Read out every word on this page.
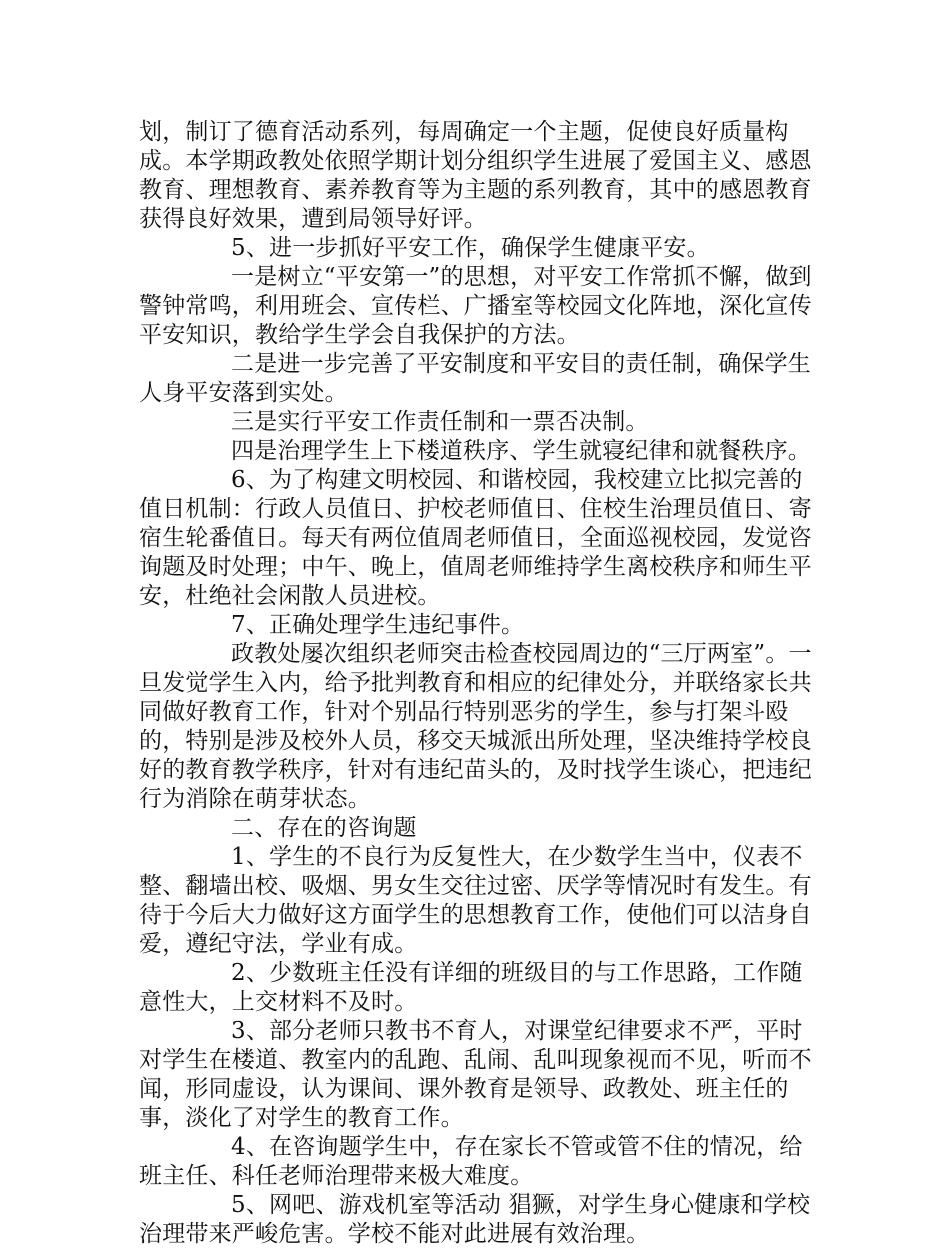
划，制订了德育活动系列，每周确定一个主题，促使良好质量构成。本学期政教处依照学期计划分组织学生进展了爱国主义、感恩教育、理想教育、素养教育等为主题的系列教育，其中的感恩教育获得良好效果，遭到局领导好评。

5、进一步抓好平安工作，确保学生健康平安。

一是树立“平安第一”的思想，对平安工作常抓不懈，做到警钟常鸣，利用班会、宣传栏、广播室等校园文化阵地，深化宣传平安知识，教给学生学会自我保护的方法。

二是进一步完善了平安制度和平安目的责任制，确保学生人身平安落到实处。

三是实行平安工作责任制和一票否决制。

四是治理学生上下楼道秩序、学生就寝纪律和就餐秩序。

6、为了构建文明校园、和谐校园，我校建立比拟完善的值日机制：行政人员值日、护校老师值日、住校生治理员值日、寄宿生轮番值日。每天有两位值周老师值日，全面巡视校园，发觉咨询题及时处理；中午、晚上，值周老师维持学生离校秩序和师生平安，杜绝社会闲散人员进校。

7、正确处理学生违纪事件。

政教处屡次组织老师突击检查校园周边的“三厅两室”。一旦发觉学生入内，给予批判教育和相应的纪律处分，并联络家长共同做好教育工作，针对个别品行特别恶劣的学生，参与打架斗殴的，特别是涉及校外人员，移交天城派出所处理，坚决维持学校良好的教育教学秩序，针对有违纪苗头的，及时找学生谈心，把违纪行为消除在萌芽状态。

二、存在的咨询题

1、学生的不良行为反复性大，在少数学生当中，仪表不整、翻墙出校、吸烟、男女生交往过密、厌学等情况时有发生。有待于今后大力做好这方面学生的思想教育工作，使他们可以洁身自爱，遵纪守法，学业有成。

2、少数班主任没有详细的班级目的与工作思路，工作随意性大，上交材料不及时。

3、部分老师只教书不育人，对课堂纪律要求不严，平时对学生在楼道、教室内的乱跑、乱闹、乱叫现象视而不见，听而不闻，形同虚设，认为课间、课外教育是领导、政教处、班主任的事，淡化了对学生的教育工作。

4、在咨询题学生中，存在家长不管或管不住的情况，给班主任、科任老师治理带来极大难度。

5、网吧、游戏机室等活动 猖獗，对学生身心健康和学校治理带来严峻危害。学校不能对此进展有效治理。
